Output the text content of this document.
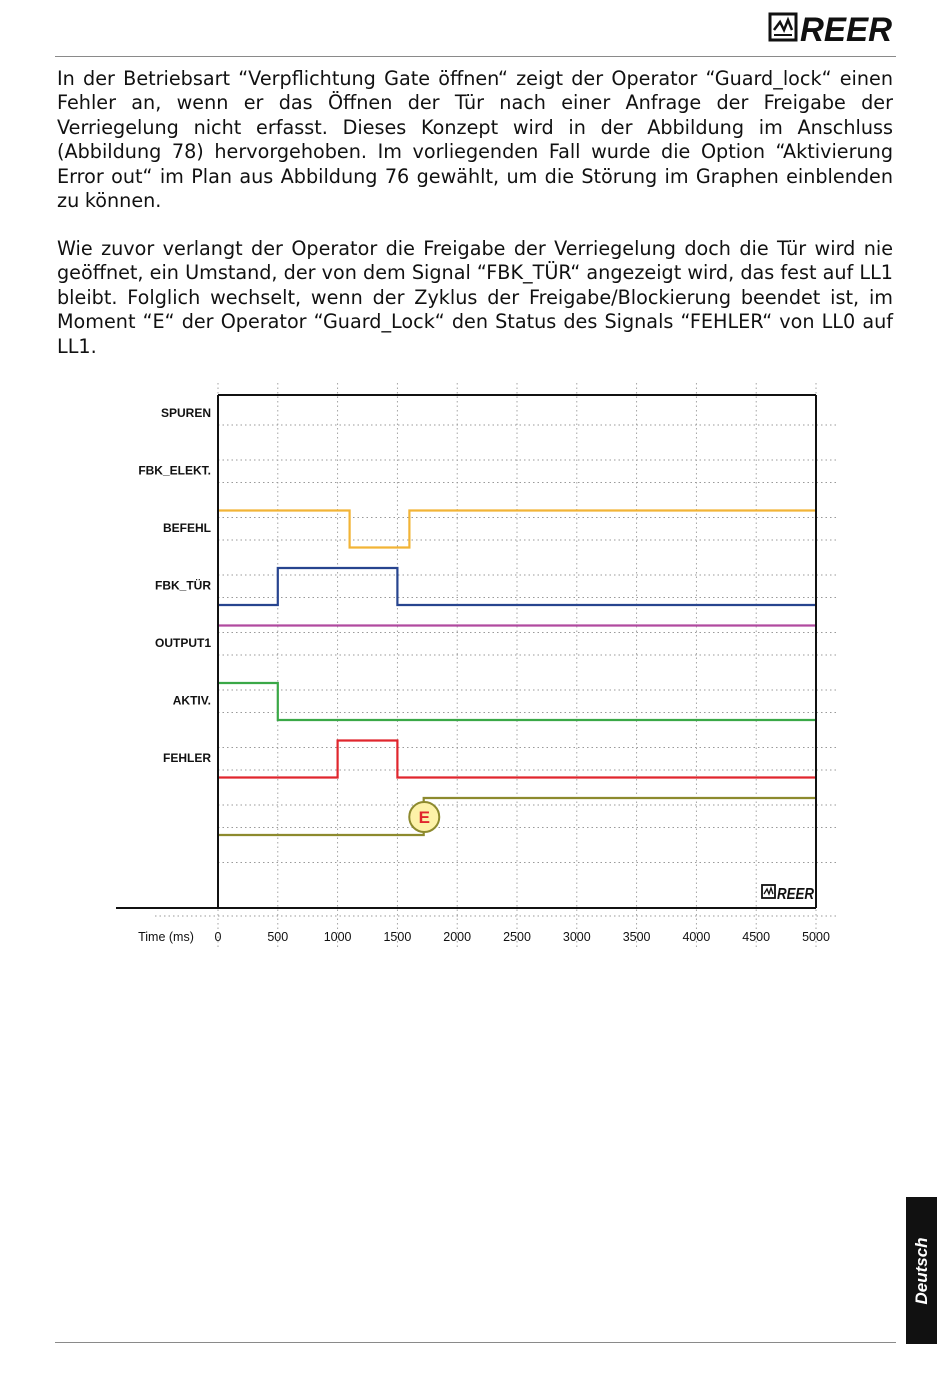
REER

In der Betriebsart “Verpflichtung Gate öffnen“ zeigt der Operator “Guard_lock“ einen Fehler an, wenn er das Öffnen der Tür nach einer Anfrage der Freigabe der Verriegelung nicht erfasst. Dieses Konzept wird in der Abbildung im Anschluss (Abbildung 78) hervorgehoben. Im vorliegenden Fall wurde die Option “Aktivierung Error out“ im Plan aus Abbildung 76 gewählt, um die Störung im Graphen einblenden zu können.

Wie zuvor verlangt der Operator die Freigabe der Verriegelung doch die Tür wird nie geöffnet, ein Umstand, der von dem Signal “FBK_TÜR“ angezeigt wird, das fest auf LL1 bleibt. Folglich wechselt, wenn der Zyklus der Freigabe/Blockierung beendet ist, im Moment “E“ der Operator “Guard_Lock“ den Status des Signals “FEHLER“ von LL0 auf LL1.

SPUREN
FBK_ELEKT.
BEFEHL
FBK_TÜR
OUTPUT1
AKTIV.
FEHLER
0	500	1000	1500	2000	2500	3000	3500	4000	4500	5000
Time (ms)
E
REER
Deutsch
